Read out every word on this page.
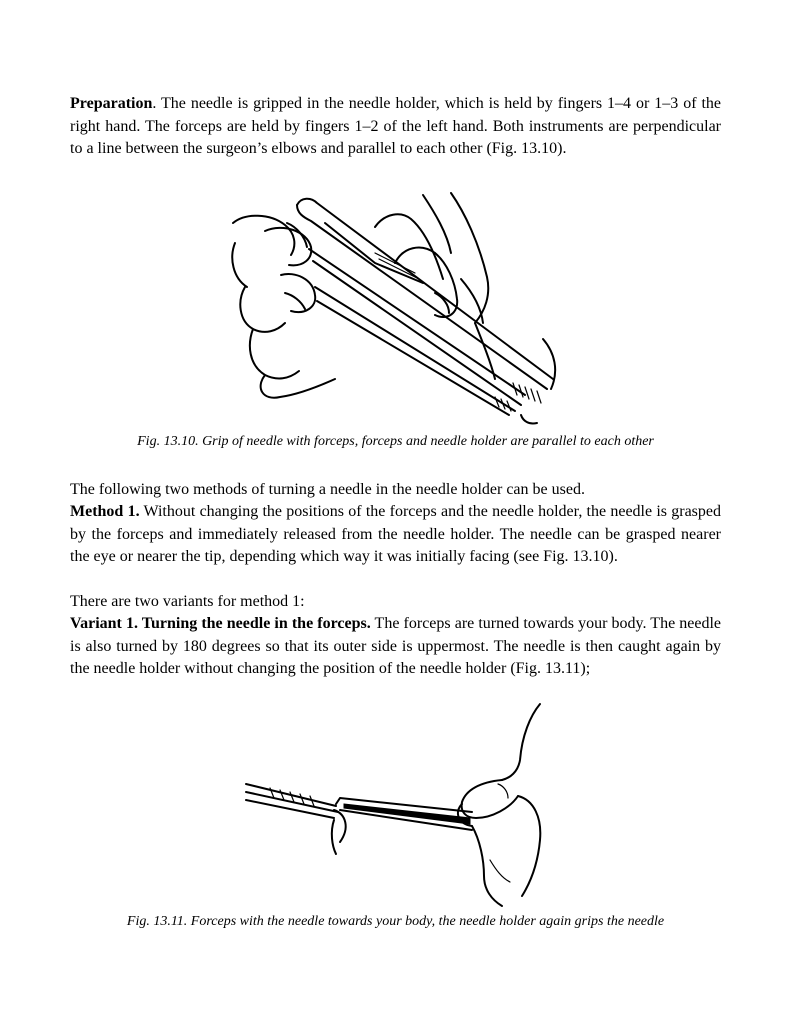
Preparation. The needle is gripped in the needle holder, which is held by fingers 1–4 or 1–3 of the right hand. The forceps are held by fingers 1–2 of the left hand. Both instruments are perpendicular to a line between the surgeon’s elbows and parallel to each other (Fig. 13.10).

Fig. 13.10. Grip of needle with forceps, forceps and needle holder are parallel to each other

The following two methods of turning a needle in the needle holder can be used.

Method 1. Without changing the positions of the forceps and the needle holder, the needle is grasped by the forceps and immediately released from the needle holder. The needle can be grasped nearer the eye or nearer the tip, depending which way it was initially facing (see Fig. 13.10).

There are two variants for method 1:

Variant 1. Turning the needle in the forceps. The forceps are turned towards your body. The needle is also turned by 180 degrees so that its outer side is uppermost. The needle is then caught again by the needle holder without changing the position of the needle holder (Fig. 13.11);

Fig. 13.11. Forceps with the needle towards your body, the needle holder again grips the needle
